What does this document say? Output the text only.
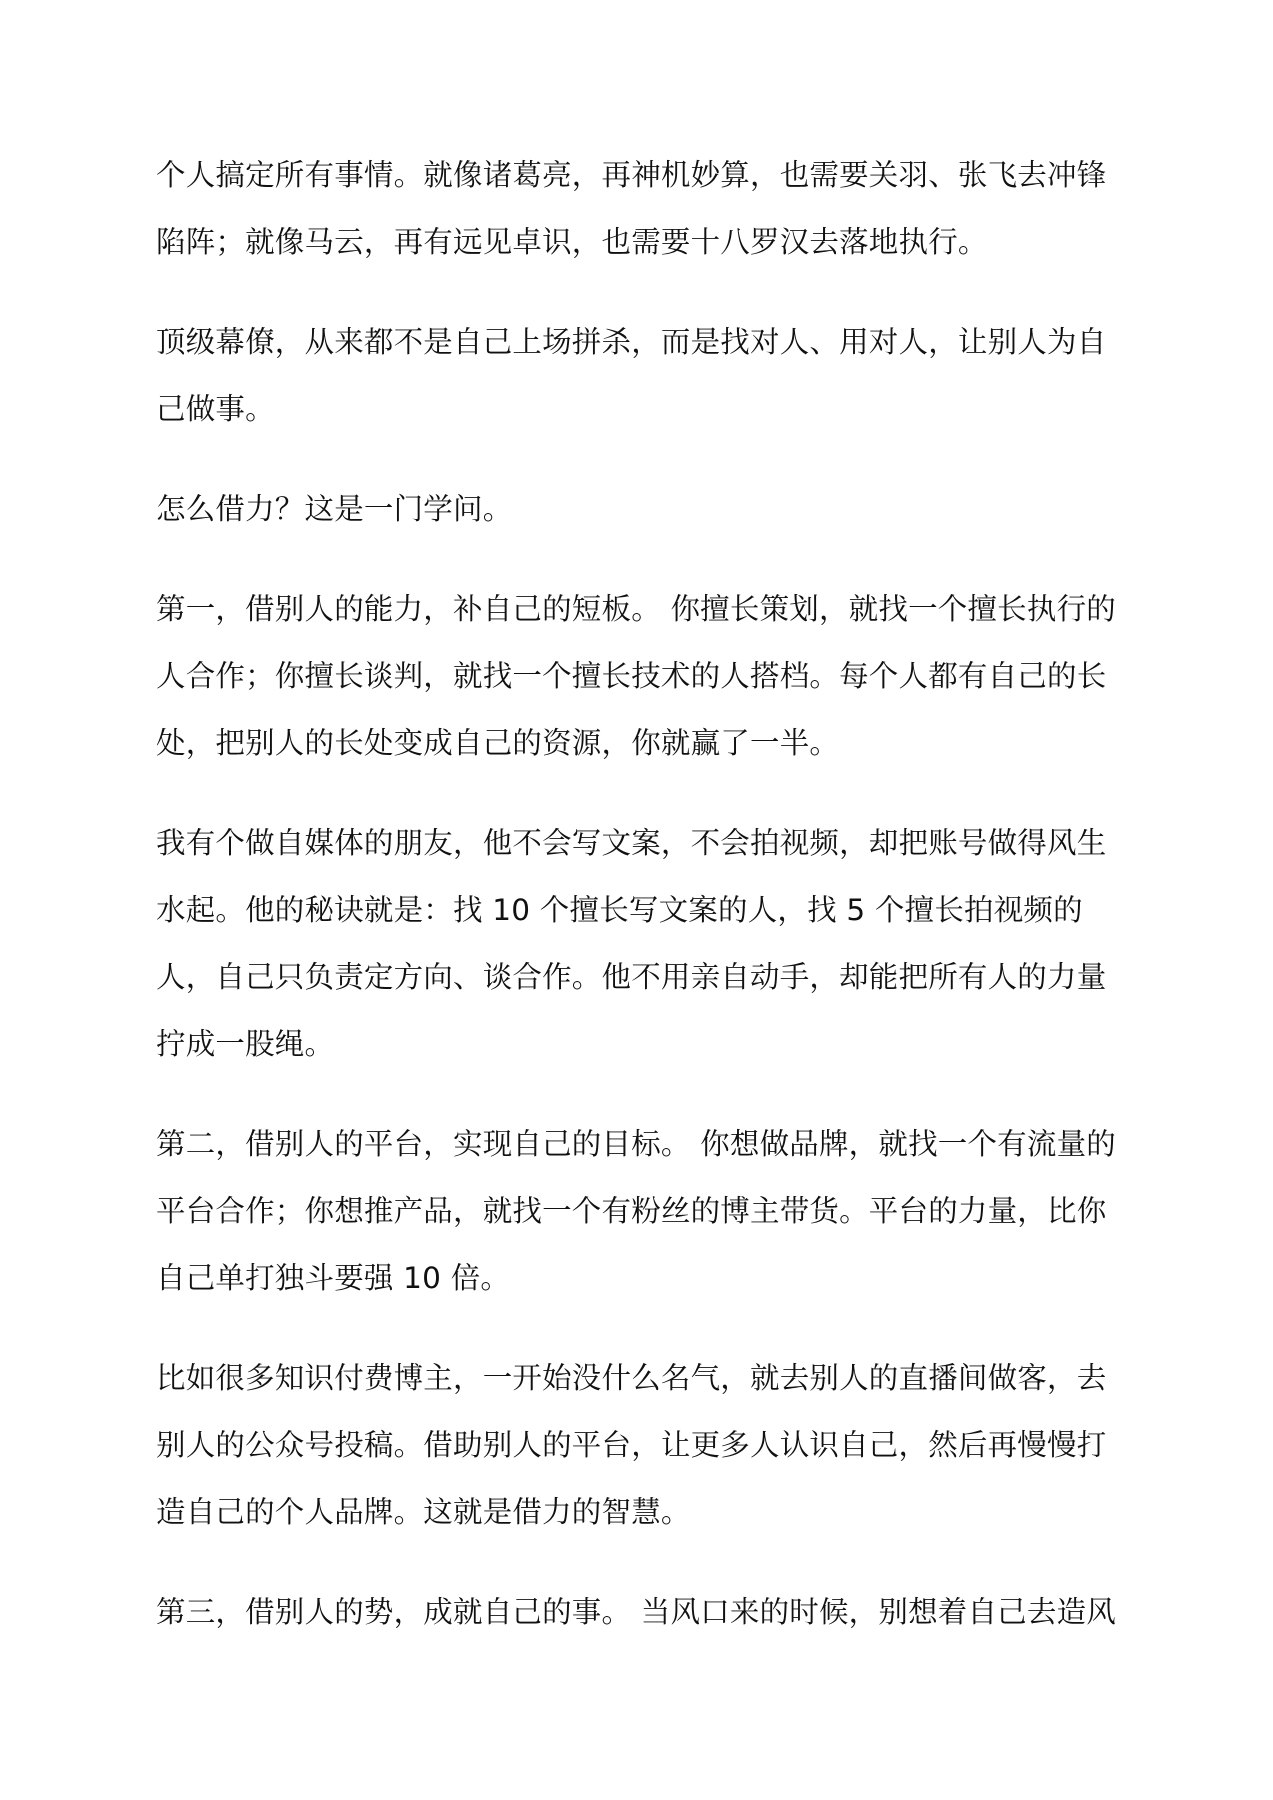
个人搞定所有事情。就像诸葛亮，再神机妙算，也需要关羽、张飞去冲锋
陷阵；就像马云，再有远见卓识，也需要十八罗汉去落地执行。

顶级幕僚，从来都不是自己上场拼杀，而是找对人、用对人，让别人为自
己做事。

怎么借力？这是一门学问。

第一，借别人的能力，补自己的短板。 你擅长策划，就找一个擅长执行的
人合作；你擅长谈判，就找一个擅长技术的人搭档。每个人都有自己的长
处，把别人的长处变成自己的资源，你就赢了一半。

我有个做自媒体的朋友，他不会写文案，不会拍视频，却把账号做得风生
水起。他的秘诀就是：找 10 个擅长写文案的人，找 5 个擅长拍视频的
人，自己只负责定方向、谈合作。他不用亲自动手，却能把所有人的力量
拧成一股绳。

第二，借别人的平台，实现自己的目标。 你想做品牌，就找一个有流量的
平台合作；你想推产品，就找一个有粉丝的博主带货。平台的力量，比你
自己单打独斗要强 10 倍。

比如很多知识付费博主，一开始没什么名气，就去别人的直播间做客，去
别人的公众号投稿。借助别人的平台，让更多人认识自己，然后再慢慢打
造自己的个人品牌。这就是借力的智慧。

第三，借别人的势，成就自己的事。 当风口来的时候，别想着自己去造风
